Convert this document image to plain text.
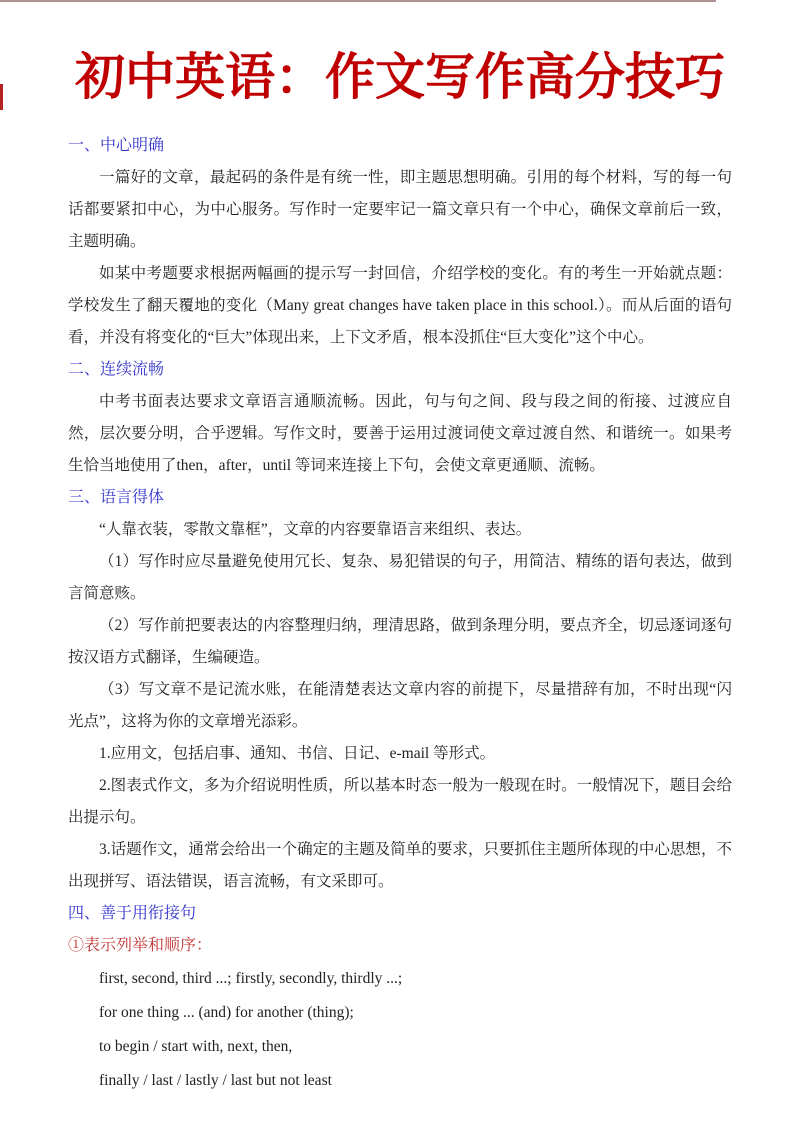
初中英语：作文写作高分技巧
一、中心明确

一篇好的文章，最起码的条件是有统一性，即主题思想明确。引用的每个材料，写的每一句话都要紧扣中心，为中心服务。写作时一定要牢记一篇文章只有一个中心，确保文章前后一致，主题明确。

如某中考题要求根据两幅画的提示写一封回信，介绍学校的变化。有的考生一开始就点题：学校发生了翻天覆地的变化（Many great changes have taken place in this school.）。而从后面的语句看，并没有将变化的“巨大”体现出来，上下文矛盾，根本没抓住“巨大变化”这个中心。

二、连续流畅

中考书面表达要求文章语言通顺流畅。因此，句与句之间、段与段之间的衔接、过渡应自然，层次要分明，合乎逻辑。写作文时，要善于运用过渡词使文章过渡自然、和谐统一。如果考生恰当地使用了then，after，until 等词来连接上下句，会使文章更通顺、流畅。

三、语言得体

“人靠衣装，零散文靠框”，文章的内容要靠语言来组织、表达。

（1）写作时应尽量避免使用冗长、复杂、易犯错误的句子，用简洁、精练的语句表达，做到言简意赅。

（2）写作前把要表达的内容整理归纳，理清思路，做到条理分明，要点齐全，切忌逐词逐句按汉语方式翻译，生编硬造。

（3）写文章不是记流水账，在能清楚表达文章内容的前提下，尽量措辞有加，不时出现“闪光点”，这将为你的文章增光添彩。

1.应用文，包括启事、通知、书信、日记、e-mail 等形式。

2.图表式作文，多为介绍说明性质，所以基本时态一般为一般现在时。一般情况下，题目会给出提示句。

3.话题作文，通常会给出一个确定的主题及简单的要求，只要抓住主题所体现的中心思想，不出现拼写、语法错误，语言流畅，有文采即可。

四、善于用衔接句

①表示列举和顺序：

first, second, third ...; firstly, secondly, thirdly ...;

for one thing ... (and) for another (thing);

to begin / start with, next, then,

finally / last / lastly / last but not least
